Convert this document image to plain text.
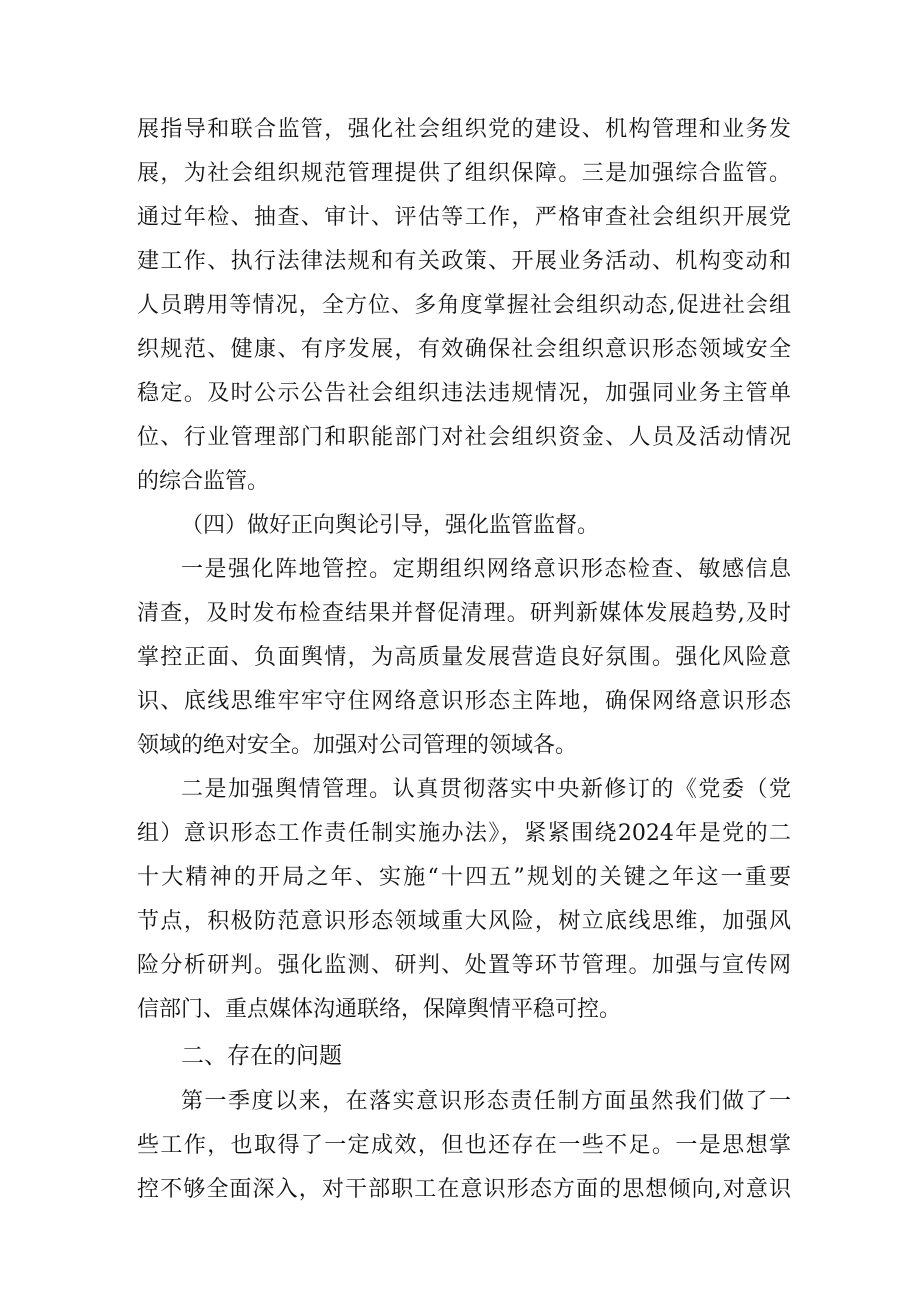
展指导和联合监管，强化社会组织党的建设、机构管理和业务发
展，为社会组织规范管理提供了组织保障。三是加强综合监管。
通过年检、抽查、审计、评估等工作，严格审查社会组织开展党
建工作、执行法律法规和有关政策、开展业务活动、机构变动和
人员聘用等情况，全方位、多角度掌握社会组织动态,促进社会组
织规范、健康、有序发展，有效确保社会组织意识形态领域安全
稳定。及时公示公告社会组织违法违规情况，加强同业务主管单
位、行业管理部门和职能部门对社会组织资金、人员及活动情况
的综合监管。
（四）做好正向舆论引导，强化监管监督。
一是强化阵地管控。定期组织网络意识形态检查、敏感信息
清查，及时发布检查结果并督促清理。研判新媒体发展趋势,及时
掌控正面、负面舆情，为高质量发展营造良好氛围。强化风险意
识、底线思维牢牢守住网络意识形态主阵地，确保网络意识形态
领域的绝对安全。加强对公司管理的领域各。
二是加强舆情管理。认真贯彻落实中央新修订的《党委（党
组）意识形态工作责任制实施办法》，紧紧围绕2024年是党的二
十大精神的开局之年、实施“十四五”规划的关键之年这一重要
节点，积极防范意识形态领域重大风险，树立底线思维，加强风
险分析研判。强化监测、研判、处置等环节管理。加强与宣传网
信部门、重点媒体沟通联络，保障舆情平稳可控。
二、存在的问题
第一季度以来，在落实意识形态责任制方面虽然我们做了一
些工作，也取得了一定成效，但也还存在一些不足。一是思想掌
控不够全面深入，对干部职工在意识形态方面的思想倾向,对意识
